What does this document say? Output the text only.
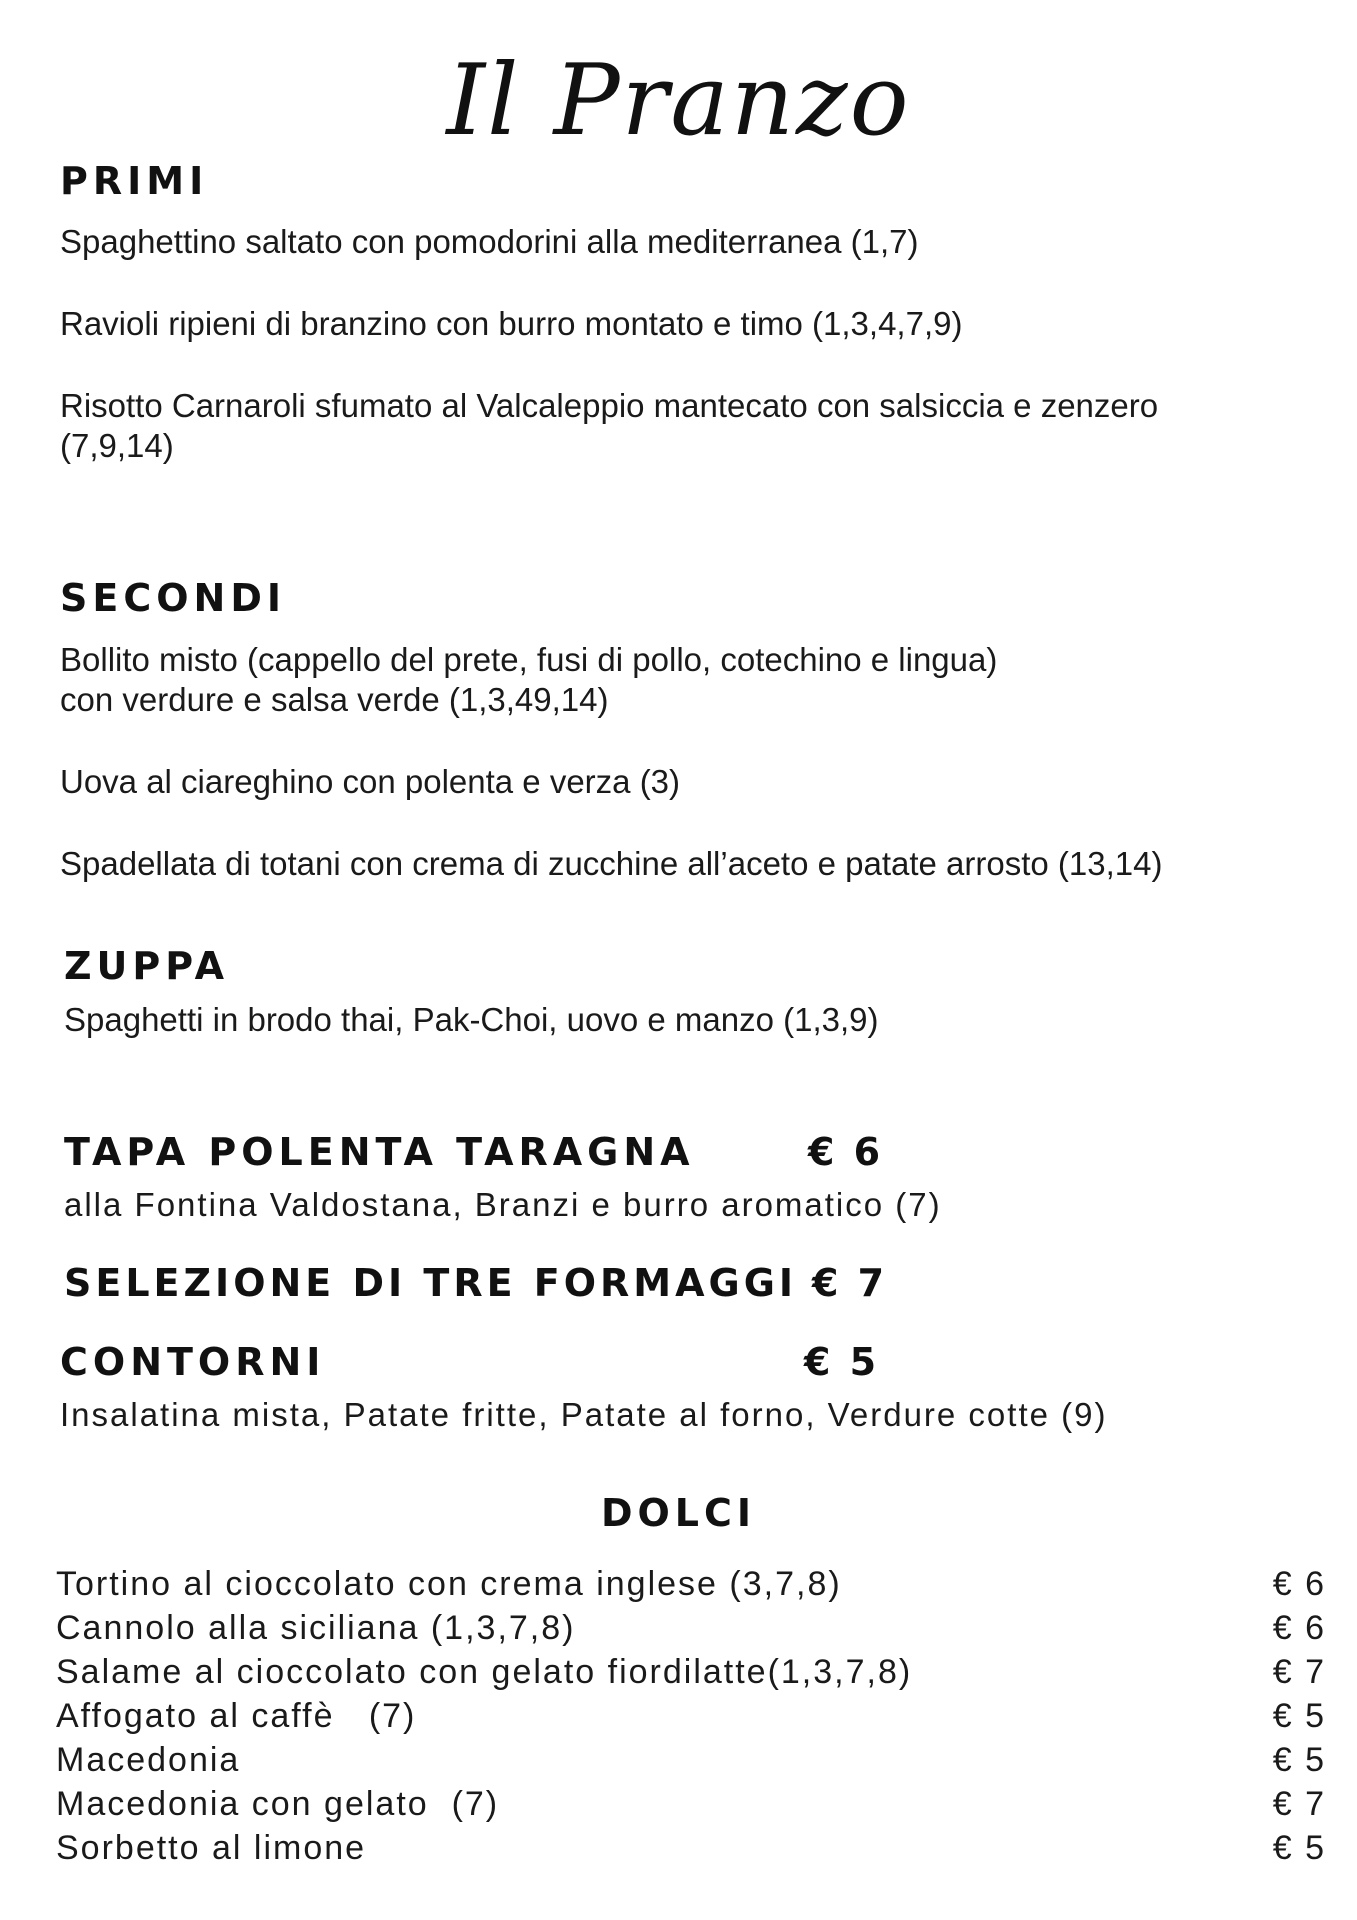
Il Pranzo
PRIMI
Spaghettino saltato con pomodorini alla mediterranea (1,7)
Ravioli ripieni di branzino con burro montato e timo (1,3,4,7,9)
Risotto Carnaroli sfumato al Valcaleppio mantecato con salsiccia e zenzero
(7,9,14)
SECONDI
Bollito misto (cappello del prete, fusi di pollo, cotechino e lingua)
con verdure e salsa verde (1,3,49,14)
Uova al ciareghino con polenta e verza (3)
Spadellata di totani con crema di zucchine all’aceto e patate arrosto (13,14)
ZUPPA
Spaghetti in brodo thai, Pak-Choi, uovo e manzo (1,3,9)
TAPA POLENTA TARAGNA	€ 6
alla Fontina Valdostana, Branzi e burro aromatico (7)
SELEZIONE DI TRE FORMAGGI € 7
CONTORNI	€ 5
Insalatina mista, Patate fritte, Patate al forno, Verdure cotte (9)
DOLCI
Tortino al cioccolato con crema inglese (3,7,8)	€ 6
Cannolo alla siciliana (1,3,7,8)	€ 6
Salame al cioccolato con gelato fiordilatte(1,3,7,8)	€ 7
Affogato al caffè   (7)	€ 5
Macedonia	€ 5
Macedonia con gelato  (7)	€ 7
Sorbetto al limone	€ 5
